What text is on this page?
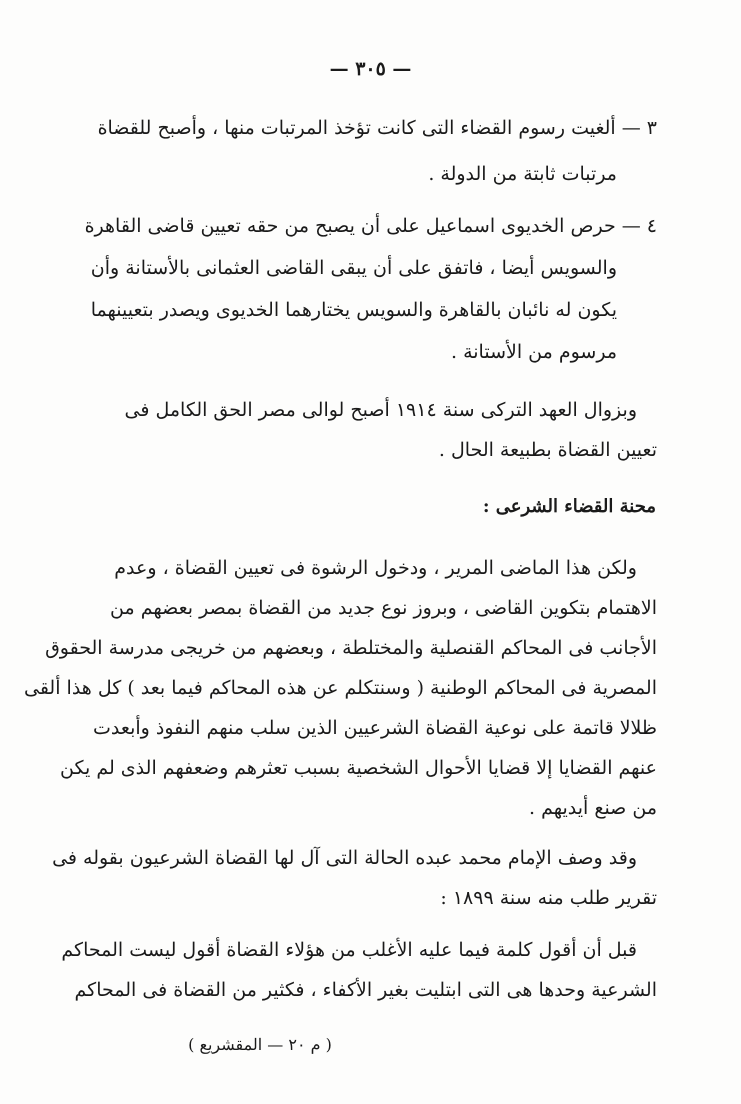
— ٣٠٥ —
٣ — ألغيت رسوم القضاء التى كانت تؤخذ المرتبات منها ، وأصبح للقضاة
مرتبات ثابتة من الدولة .
٤ — حرص الخديوى اسماعيل على أن يصبح من حقه تعيين قاضى القاهرة
والسويس أيضا ، فاتفق على أن يبقى القاضى العثمانى بالأستانة وأن
يكون له نائبان بالقاهرة والسويس يختارهما الخديوى ويصدر بتعيينهما
مرسوم من الأستانة .
وبزوال العهد التركى سنة ١٩١٤ أصبح لوالى مصر الحق الكامل فى
تعيين القضاة بطبيعة الحال .
محنة القضاء الشرعى :
ولكن هذا الماضى المرير ، ودخول الرشوة فى تعيين القضاة ، وعدم
الاهتمام بتكوين القاضى ، وبروز نوع جديد من القضاة بمصر بعضهم من
الأجانب فى المحاكم القنصلية والمختلطة ، وبعضهم من خريجى مدرسة الحقوق
المصرية فى المحاكم الوطنية ( وسنتكلم عن هذه المحاكم فيما بعد ) كل هذا ألقى
ظلالا قاتمة على نوعية القضاة الشرعيين الذين سلب منهم النفوذ وأبعدت
عنهم القضايا إلا قضايا الأحوال الشخصية بسبب تعثرهم وضعفهم الذى لم يكن
من صنع أيديهم .
وقد وصف الإمام محمد عبده الحالة التى آل لها القضاة الشرعيون بقوله فى
تقرير طلب منه سنة ١٨٩٩ :
قبل أن أقول كلمة فيما عليه الأغلب من هؤلاء القضاة أقول ليست المحاكم
الشرعية وحدها هى التى ابتليت بغير الأكفاء ، فكثير من القضاة فى المحاكم
( م ٢٠ — المقشريع )
